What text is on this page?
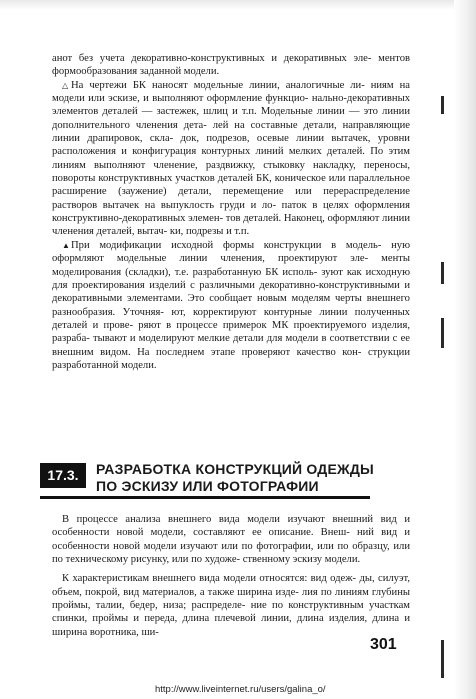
анот без учета декоративно-конструктивных и декоративных эле- ментов формообразования заданной модели.

△ На чертежи БК наносят модельные линии, аналогичные ли- ниям на модели или эскизе, и выполняют оформление функцио- нально-декоративных элементов деталей — застежек, шлиц и т.п. Модельные линии — это линии дополнительного членения дета- лей на составные детали, направляющие линии драпировок, склa- док, подрезов, осевые линии вытачек, уровни расположения и конфигурация контурных линий мелких деталей. По этим линиям выполняют членение, раздвижку, стыковку накладку, переносы, повороты конструктивных участков деталей БК, коническое или параллельное расширение (заужение) детали, перемещение или перераспределение растворов вытачек на выпуклость груди и ло- паток в целях оформления конструктивно-декоративных элемен- тов деталей. Наконец, оформляют линии членения деталей, вытач- ки, подрезы и т.п.

▲При модификации исходной формы конструкции в модель- ную оформляют модельные линии членения, проектируют эле- менты моделирования (складки), т.е. разработанную БК исполь- зуют как исходную для проектирования изделий с различными декоративно-конструктивными и декоративными элементами. Это сообщает новым моделям черты внешнего разнообразия. Уточняя- ют, корректируют контурные линии полученных деталей и прове- ряют в процессе примерок МК проектируемого изделия, разраба- тывают и моделируют мелкие детали для модели в соответствии с ее внешним видом. На последнем этапе проверяют качество кон- струкции разработанной модели.

17.3.	РАЗРАБОТКА КОНСТРУКЦИЙ ОДЕЖДЫ
ПО ЭСКИЗУ ИЛИ ФОТОГРАФИИ

В процессе анализа внешнего вида модели изучают внешний вид и особенности новой модели, составляют ее описание. Внеш- ний вид и особенности новой модели изучают или по фотографии, или по образцу, или по техническому рисунку, или по художе- ственному эскизу модели.

К характеристикам внешнего вида модели относятся: вид одеж- ды, силуэт, объем, покрой, вид материалов, а также ширина изде- лия по линиям глубины проймы, талии, бедер, низа; распределе- ние по конструктивным участкам спинки, проймы и переда, длина плечевой линии, длина изделия, длина и ширина воротника, ши-

301
http://www.liveinternet.ru/users/galina_o/
